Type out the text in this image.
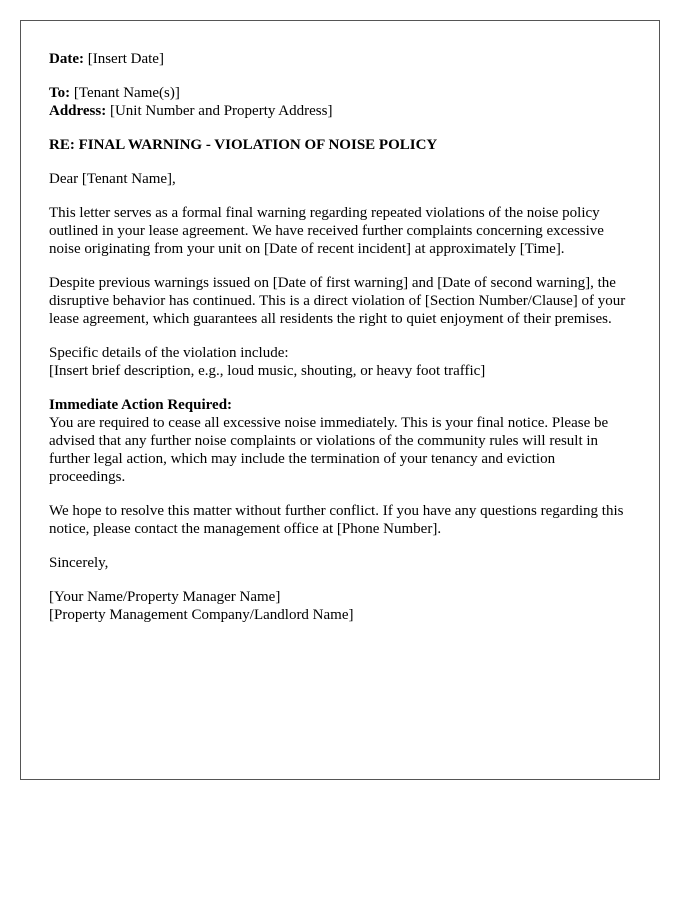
Date: [Insert Date]

To: [Tenant Name(s)]
Address: [Unit Number and Property Address]

RE: FINAL WARNING - VIOLATION OF NOISE POLICY

Dear [Tenant Name],

This letter serves as a formal final warning regarding repeated violations of the noise policy outlined in your lease agreement. We have received further complaints concerning excessive noise originating from your unit on [Date of recent incident] at approximately [Time].

Despite previous warnings issued on [Date of first warning] and [Date of second warning], the disruptive behavior has continued. This is a direct violation of [Section Number/Clause] of your lease agreement, which guarantees all residents the right to quiet enjoyment of their premises.

Specific details of the violation include:
[Insert brief description, e.g., loud music, shouting, or heavy foot traffic]

Immediate Action Required:
You are required to cease all excessive noise immediately. This is your final notice. Please be advised that any further noise complaints or violations of the community rules will result in further legal action, which may include the termination of your tenancy and eviction proceedings.

We hope to resolve this matter without further conflict. If you have any questions regarding this notice, please contact the management office at [Phone Number].

Sincerely,

[Your Name/Property Manager Name]
[Property Management Company/Landlord Name]
